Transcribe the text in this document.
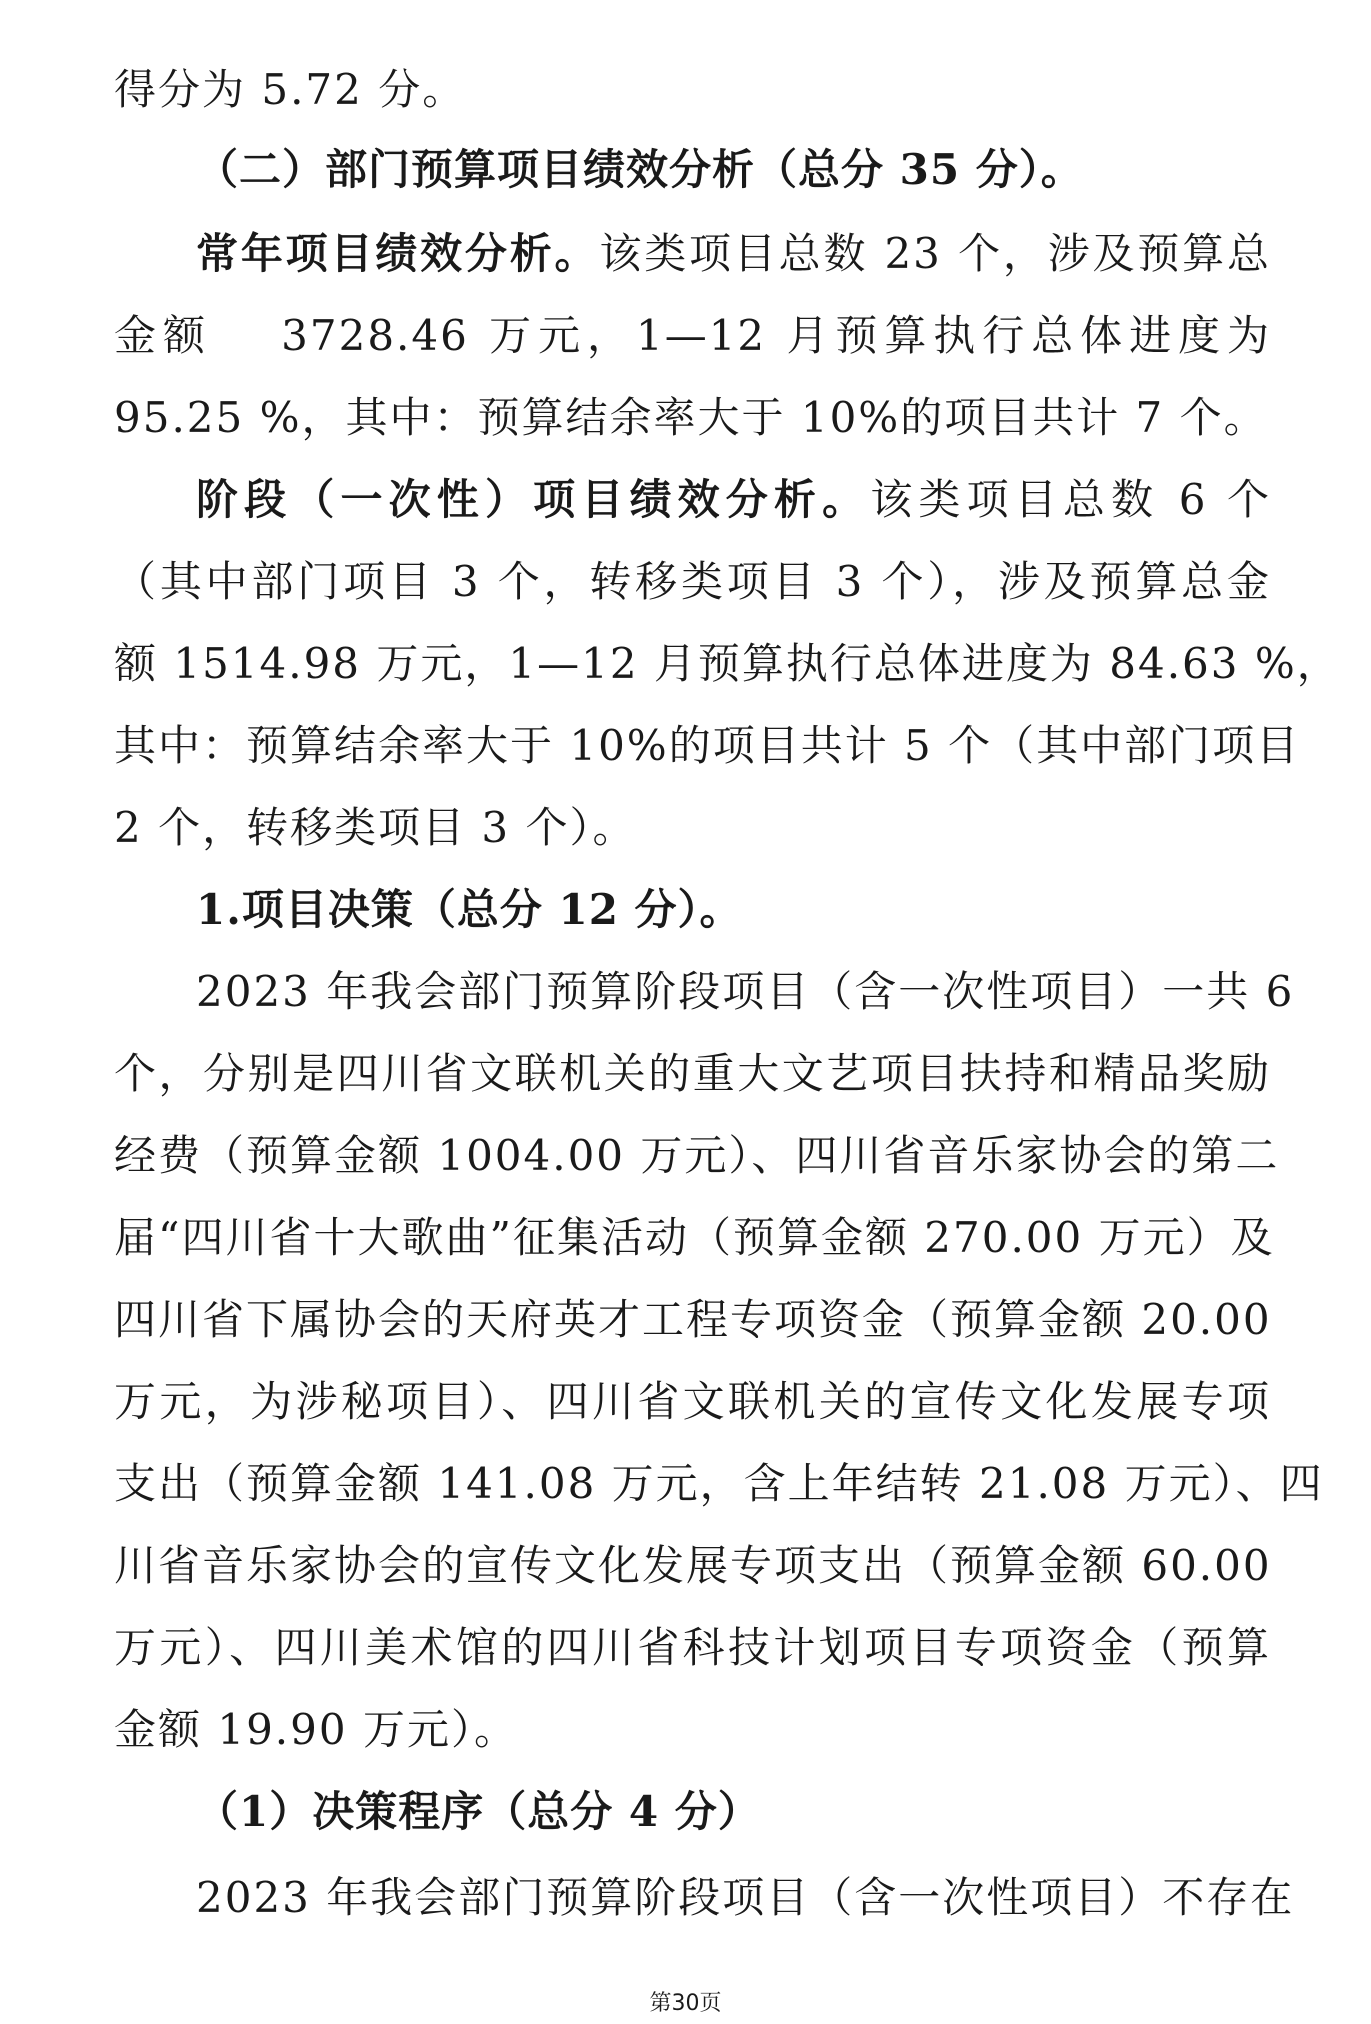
得分为 5.72 分。
（二）部门预算项目绩效分析（总分 35 分）。
常年项目绩效分析。该类项目总数 23 个，涉及预算总
金额　 3728.46 万元，1—12 月预算执行总体进度为
95.25 %，其中：预算结余率大于 10%的项目共计 7 个。
阶段（一次性）项目绩效分析。该类项目总数 6 个
（其中部门项目 3 个，转移类项目 3 个），涉及预算总金
额 1514.98 万元，1—12 月预算执行总体进度为 84.63 %，
其中：预算结余率大于 10%的项目共计 5 个（其中部门项目
2 个，转移类项目 3 个）。
1.项目决策（总分 12 分）。
2023 年我会部门预算阶段项目（含一次性项目）一共 6
个，分别是四川省文联机关的重大文艺项目扶持和精品奖励
经费（预算金额 1004.00 万元）、四川省音乐家协会的第二
届“四川省十大歌曲”征集活动（预算金额 270.00 万元）及
四川省下属协会的天府英才工程专项资金（预算金额 20.00
万元，为涉秘项目）、四川省文联机关的宣传文化发展专项
支出（预算金额 141.08 万元，含上年结转 21.08 万元）、四
川省音乐家协会的宣传文化发展专项支出（预算金额 60.00
万元）、四川美术馆的四川省科技计划项目专项资金（预算
金额 19.90 万元）。
（1）决策程序（总分 4 分）
2023 年我会部门预算阶段项目（含一次性项目）不存在
第30页
